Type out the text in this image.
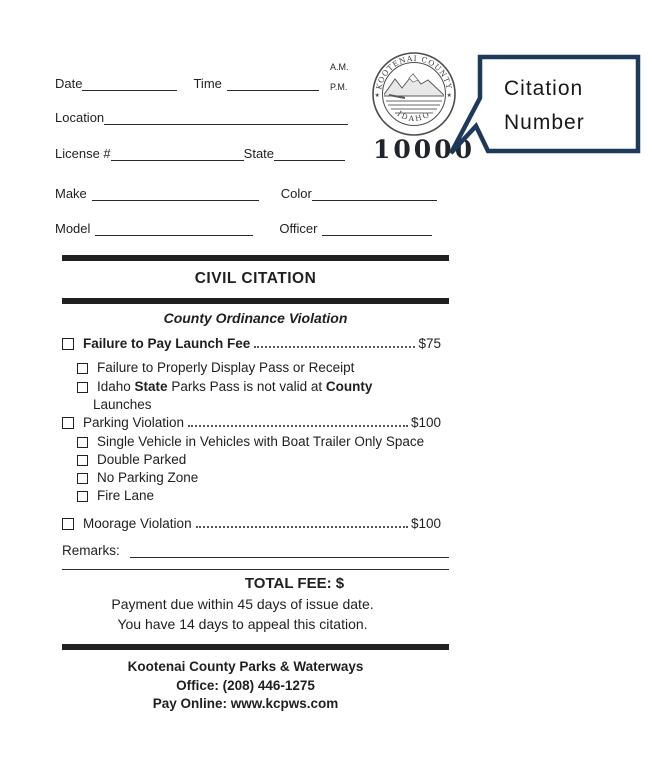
Date	Time
A.M.
P.M.
Location
License #	State
Make	Color
Model	Officer
KOOTENAI COUNTY
IDAHO
★	★
10000
Citation
Number
CIVIL CITATION
County Ordinance Violation
Failure to Pay Launch Fee	$75
Failure to Properly Display Pass or Receipt
Idaho State Parks Pass is not valid at County
Launches
Parking Violation	$100
Single Vehicle in Vehicles with Boat Trailer Only Space
Double Parked
No Parking Zone
Fire Lane
Moorage Violation	$100
Remarks:
TOTAL FEE: $
Payment due within 45 days of issue date.
You have 14 days to appeal this citation.
Kootenai County Parks & Waterways
Office: (208) 446-1275
Pay Online: www.kcpws.com
